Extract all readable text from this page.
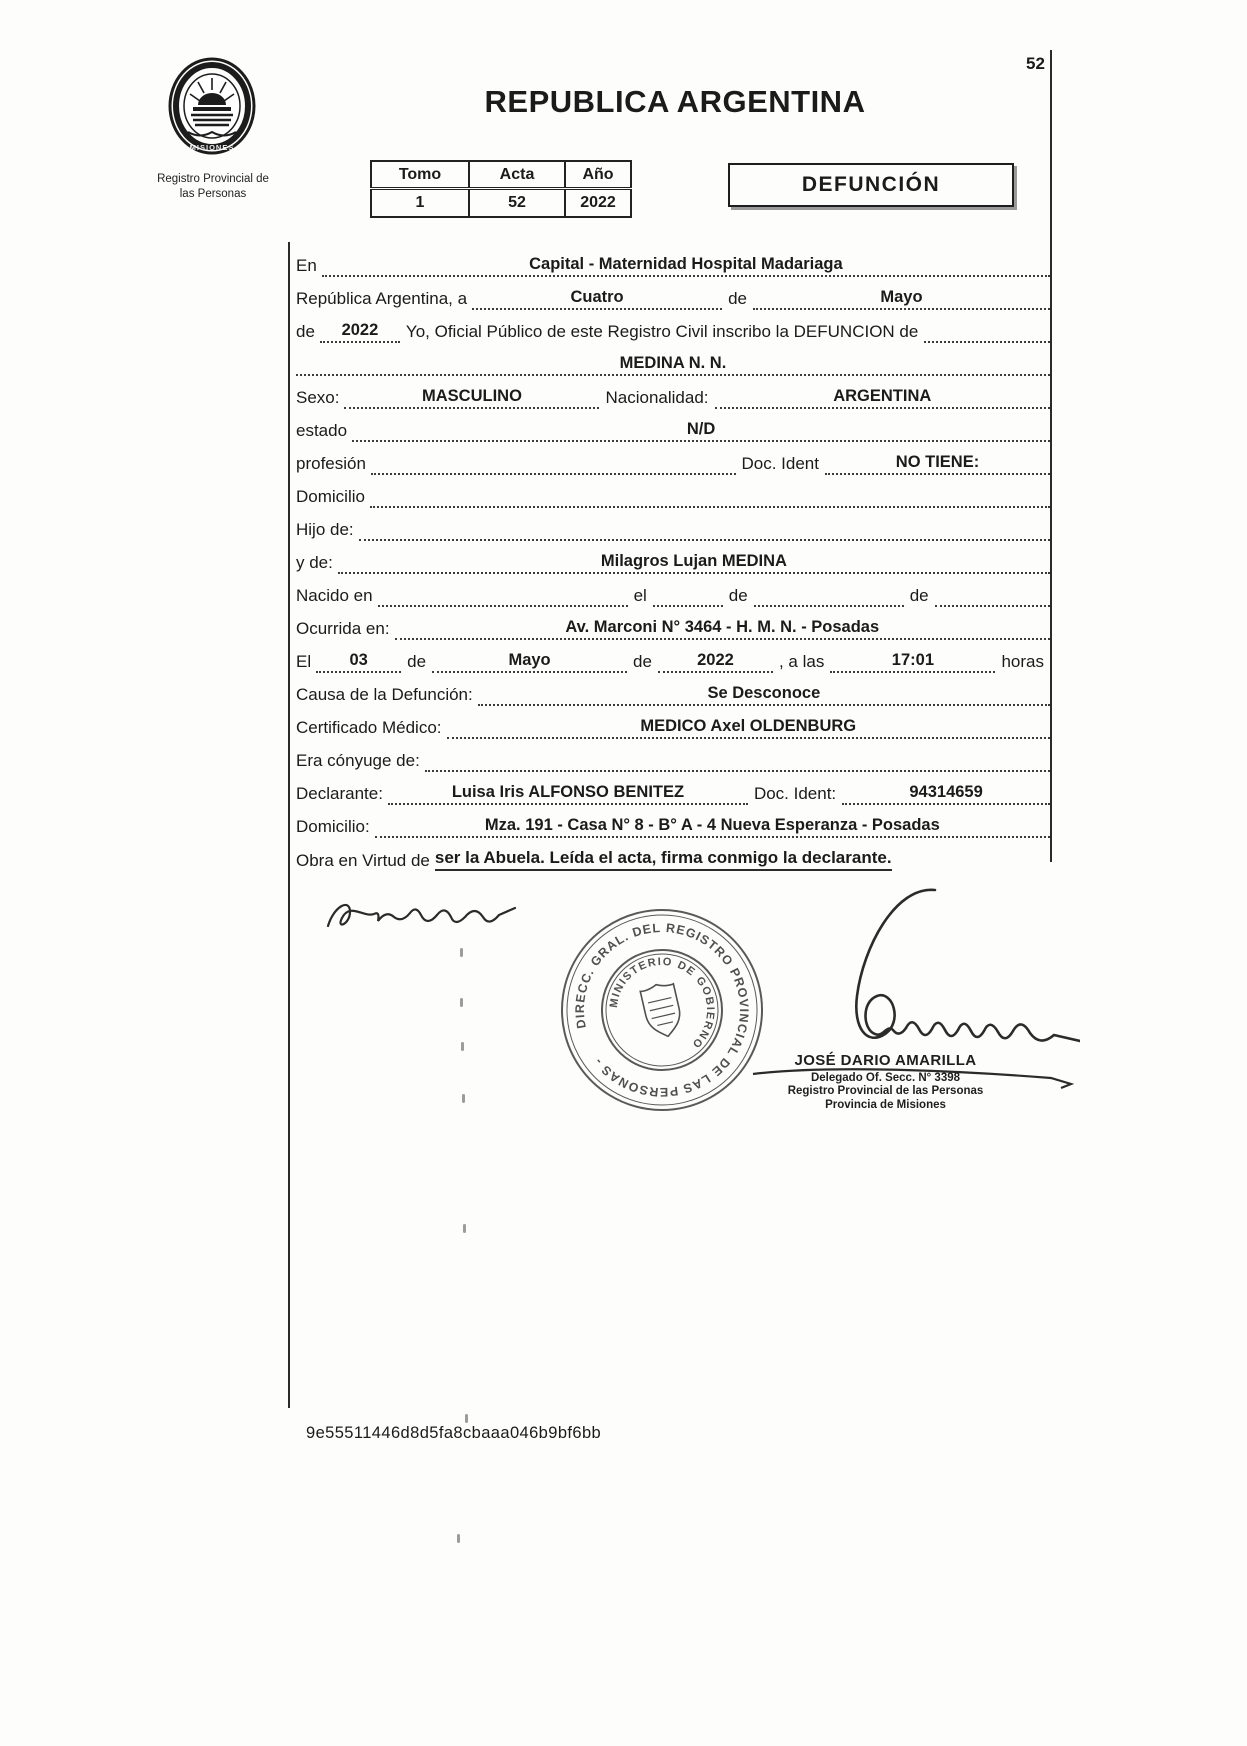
52
MISIONES
Registro Provincial de
las Personas
REPUBLICA ARGENTINA
Tomo	Acta	Año
1	52	2022
DEFUNCIÓN
En	Capital - Maternidad Hospital Madariaga
República Argentina, a	Cuatro	de	Mayo
de	2022	Yo, Oficial Público de este Registro Civil inscribo la DEFUNCION de
MEDINA N. N.
Sexo:	MASCULINO	Nacionalidad:	ARGENTINA
estado	N/D
profesión	Doc. Ident	NO TIENE:
Domicilio
Hijo de:
y de:	Milagros Lujan MEDINA
Nacido en	el	de	de
Ocurrida en:	Av. Marconi N° 3464 - H. M. N. - Posadas
El	03	de	Mayo	de	2022	, a las	17:01	horas
Causa de la Defunción:	Se Desconoce
Certificado Médico:	MEDICO Axel OLDENBURG
Era cónyuge de:
Declarante:	Luisa Iris ALFONSO BENITEZ	Doc. Ident:	94314659
Domicilio:	Mza. 191 - Casa N° 8 - B° A - 4 Nueva Esperanza - Posadas
Obra en Virtud de ser la Abuela. Leída el acta, firma conmigo la declarante.
DIRECC. GRAL. DEL REGISTRO PROVINCIAL DE LAS PERSONAS -
MINISTERIO DE GOBIERNO
JOSÉ DARIO AMARILLA
Delegado Of. Secc. N° 3398
Registro Provincial de las Personas
Provincia de Misiones
9e55511446d8d5fa8cbaaa046b9bf6bb
